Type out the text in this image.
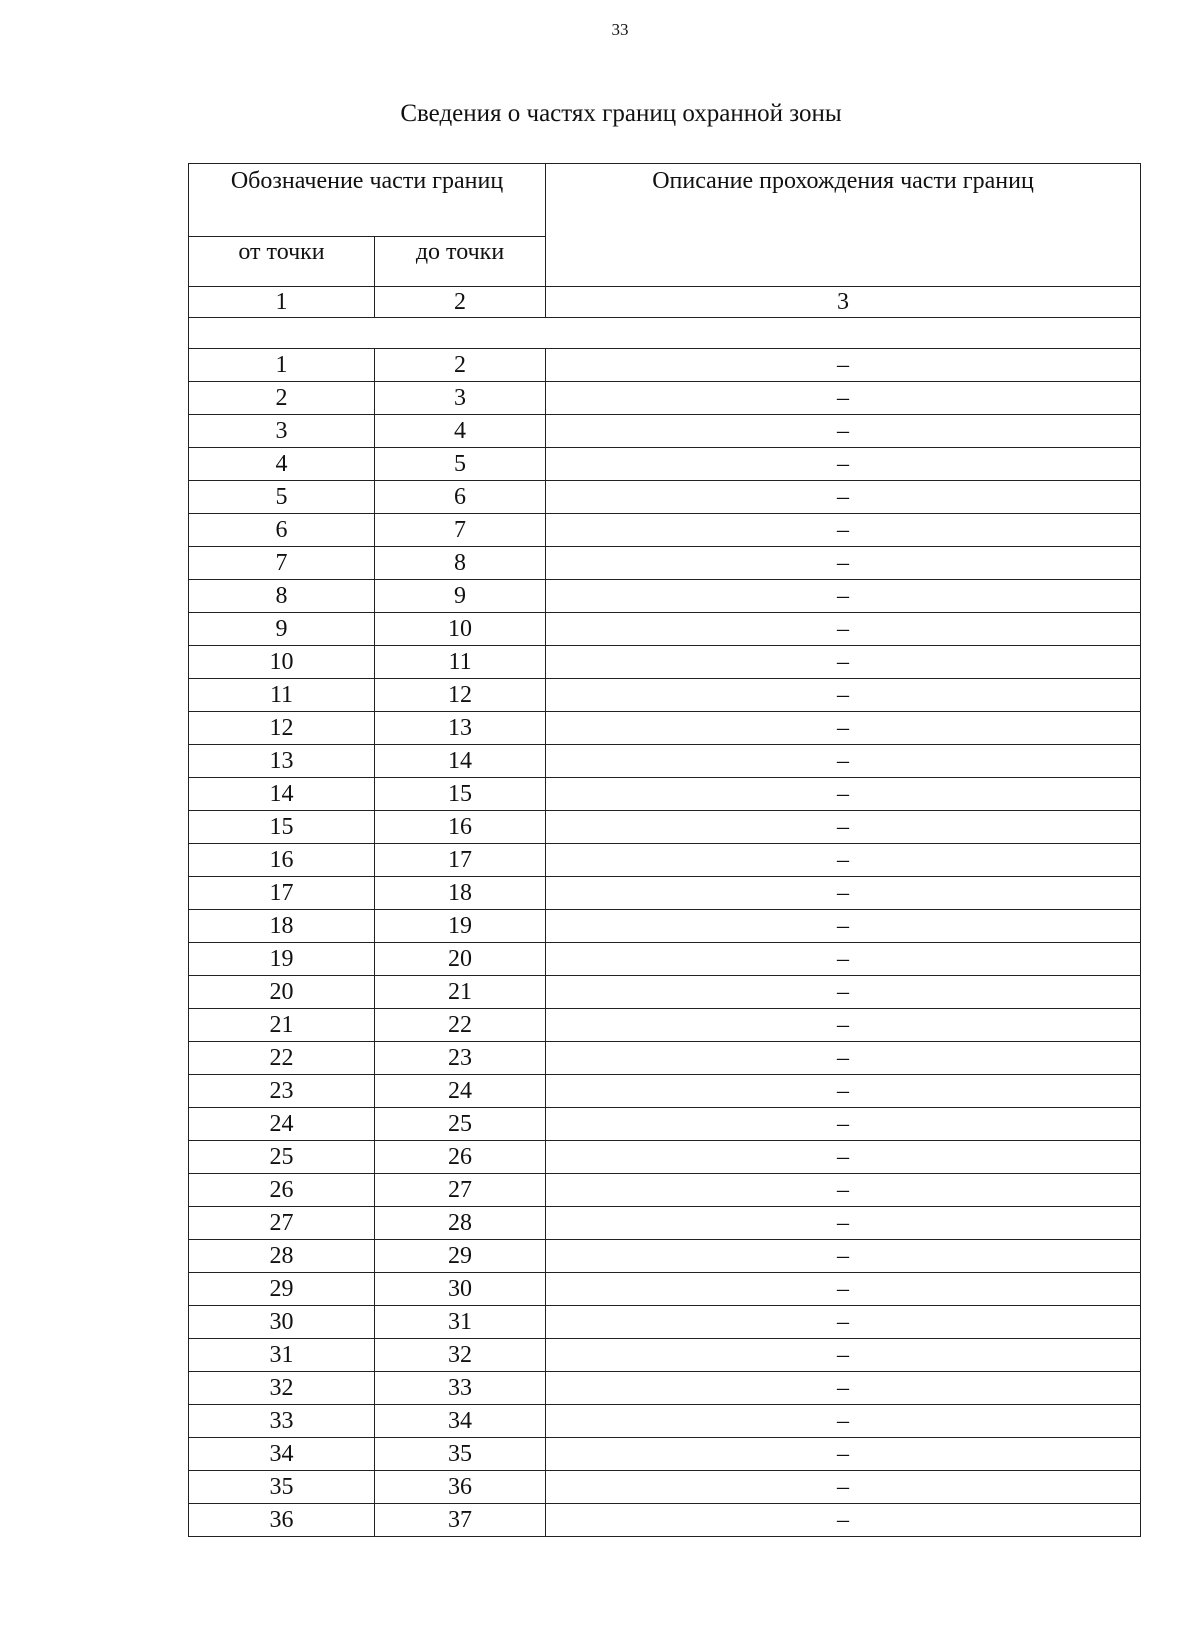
33
Сведения о частях границ охранной зоны
Обозначение части границ		Описание прохождения части границ
от точки	до точки	
1	2	3

1	2	–
2	3	–
3	4	–
4	5	–
5	6	–
6	7	–
7	8	–
8	9	–
9	10	–
10	11	–
11	12	–
12	13	–
13	14	–
14	15	–
15	16	–
16	17	–
17	18	–
18	19	–
19	20	–
20	21	–
21	22	–
22	23	–
23	24	–
24	25	–
25	26	–
26	27	–
27	28	–
28	29	–
29	30	–
30	31	–
31	32	–
32	33	–
33	34	–
34	35	–
35	36	–
36	37	–
